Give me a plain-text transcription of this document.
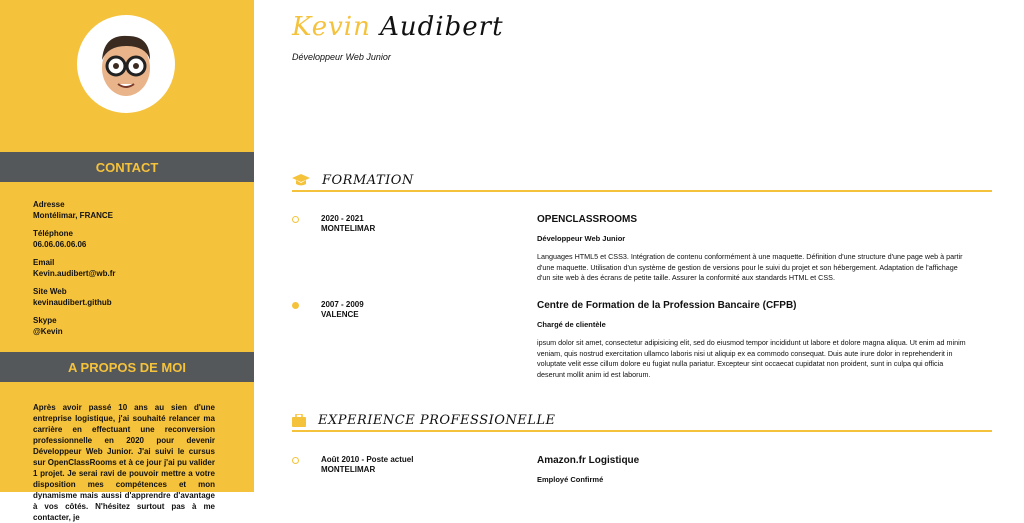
CONTACT
Adresse
Montélimar, FRANCE
Téléphone
06.06.06.06.06
Email
Kevin.audibert@wb.fr
Site Web
kevinaudibert.github
Skype
@Kevin
A PROPOS DE MOI
Après avoir passé 10 ans au sien d'une entreprise logistique, j'ai souhaité relancer ma carrière en effectuant une reconversion professionnelle en 2020 pour devenir Développeur Web Junior. J'ai suivi le cursus sur OpenClassRooms et à ce jour j'ai pu valider 1 projet. Je serai ravi de pouvoir mettre a votre disposition mes compétences et mon dynamisme mais aussi d'apprendre d'avantage à vos côtés. N'hésitez surtout pas à me contacter, je
Kevin Audibert
Développeur Web Junior
FORMATION
2020 - 2021
MONTELIMAR
OPENCLASSROOMS
Développeur Web Junior
Languages HTML5 et CSS3. Intégration de contenu conformément à une maquette. Définition d'une structure d'une page web à partir d'une maquette. Utilisation d'un système de gestion de versions pour le suivi du projet et son hébergement. Adaptation de l'affichage d'un site web à des écrans de petite taille. Assurer la conformité aux standards HTML et CSS.
2007 - 2009
VALENCE
Centre de Formation de la Profession Bancaire (CFPB)
Chargé de clientèle
ipsum dolor sit amet, consectetur adipisicing elit, sed do eiusmod tempor incididunt ut labore et dolore magna aliqua. Ut enim ad minim veniam, quis nostrud exercitation ullamco laboris nisi ut aliquip ex ea commodo consequat. Duis aute irure dolor in reprehenderit in voluptate velit esse cillum dolore eu fugiat nulla pariatur. Excepteur sint occaecat cupidatat non proident, sunt in culpa qui officia deserunt mollit anim id est laborum.
EXPERIENCE PROFESSIONELLE
Août 2010 - Poste actuel
MONTELIMAR
Amazon.fr Logistique
Employé Confirmé
